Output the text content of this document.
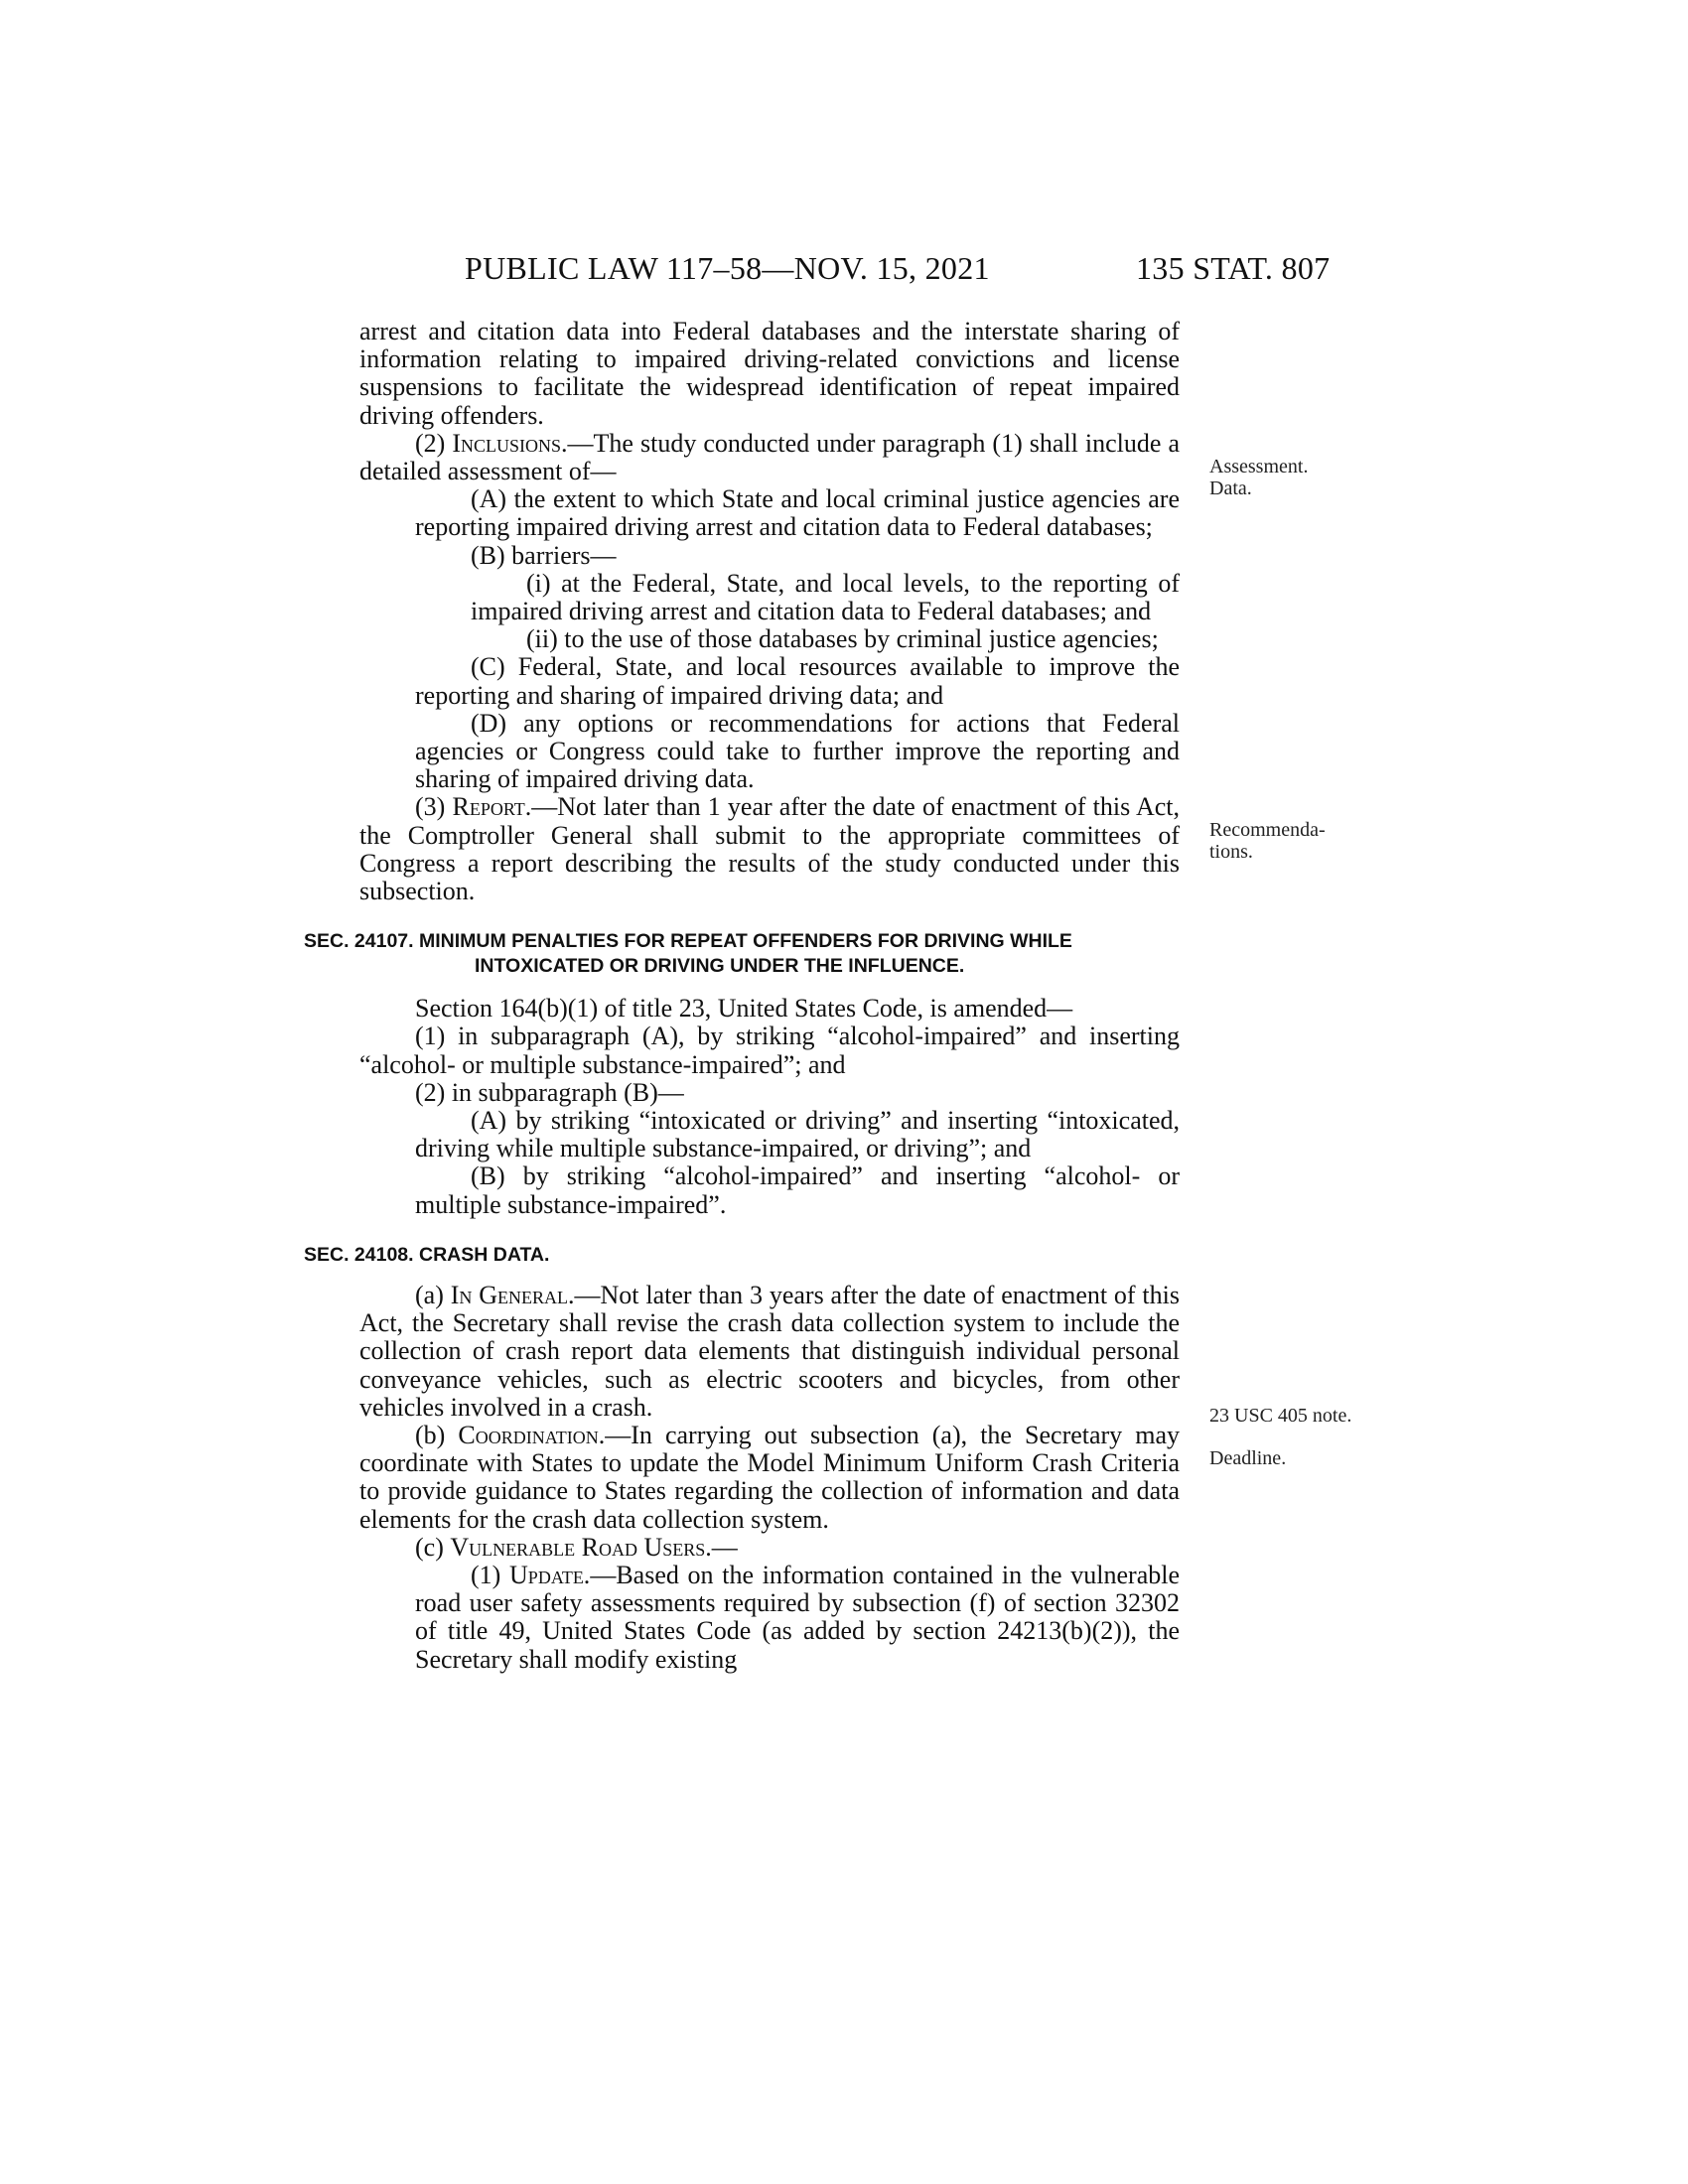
PUBLIC LAW 117–58—NOV. 15, 2021	135 STAT. 807
Assessment.
Data.
Recommenda-
tions.
23 USC 405 note.
Deadline.

arrest and citation data into Federal databases and the interstate sharing of information relating to impaired driving-related convictions and license suspensions to facilitate the widespread identification of repeat impaired driving offenders.

(2) Inclusions.—The study conducted under paragraph (1) shall include a detailed assessment of—

(A) the extent to which State and local criminal justice agencies are reporting impaired driving arrest and citation data to Federal databases;

(B) barriers—

(i) at the Federal, State, and local levels, to the reporting of impaired driving arrest and citation data to Federal databases; and

(ii) to the use of those databases by criminal justice agencies;

(C) Federal, State, and local resources available to improve the reporting and sharing of impaired driving data; and

(D) any options or recommendations for actions that Federal agencies or Congress could take to further improve the reporting and sharing of impaired driving data.

(3) Report.—Not later than 1 year after the date of enactment of this Act, the Comptroller General shall submit to the appropriate committees of Congress a report describing the results of the study conducted under this subsection.

SEC. 24107. MINIMUM PENALTIES FOR REPEAT OFFENDERS FOR DRIVING WHILE INTOXICATED OR DRIVING UNDER THE INFLUENCE.

Section 164(b)(1) of title 23, United States Code, is amended—

(1) in subparagraph (A), by striking “alcohol-impaired” and inserting “alcohol- or multiple substance-impaired”; and

(2) in subparagraph (B)—

(A) by striking “intoxicated or driving” and inserting “intoxicated, driving while multiple substance-impaired, or driving”; and

(B) by striking “alcohol-impaired” and inserting “alcohol- or multiple substance-impaired”.

SEC. 24108. CRASH DATA.

(a) In General.—Not later than 3 years after the date of enactment of this Act, the Secretary shall revise the crash data collection system to include the collection of crash report data elements that distinguish individual personal conveyance vehicles, such as electric scooters and bicycles, from other vehicles involved in a crash.

(b) Coordination.—In carrying out subsection (a), the Secretary may coordinate with States to update the Model Minimum Uniform Crash Criteria to provide guidance to States regarding the collection of information and data elements for the crash data collection system.

(c) Vulnerable Road Users.—

(1) Update.—Based on the information contained in the vulnerable road user safety assessments required by subsection (f) of section 32302 of title 49, United States Code (as added by section 24213(b)(2)), the Secretary shall modify existing
